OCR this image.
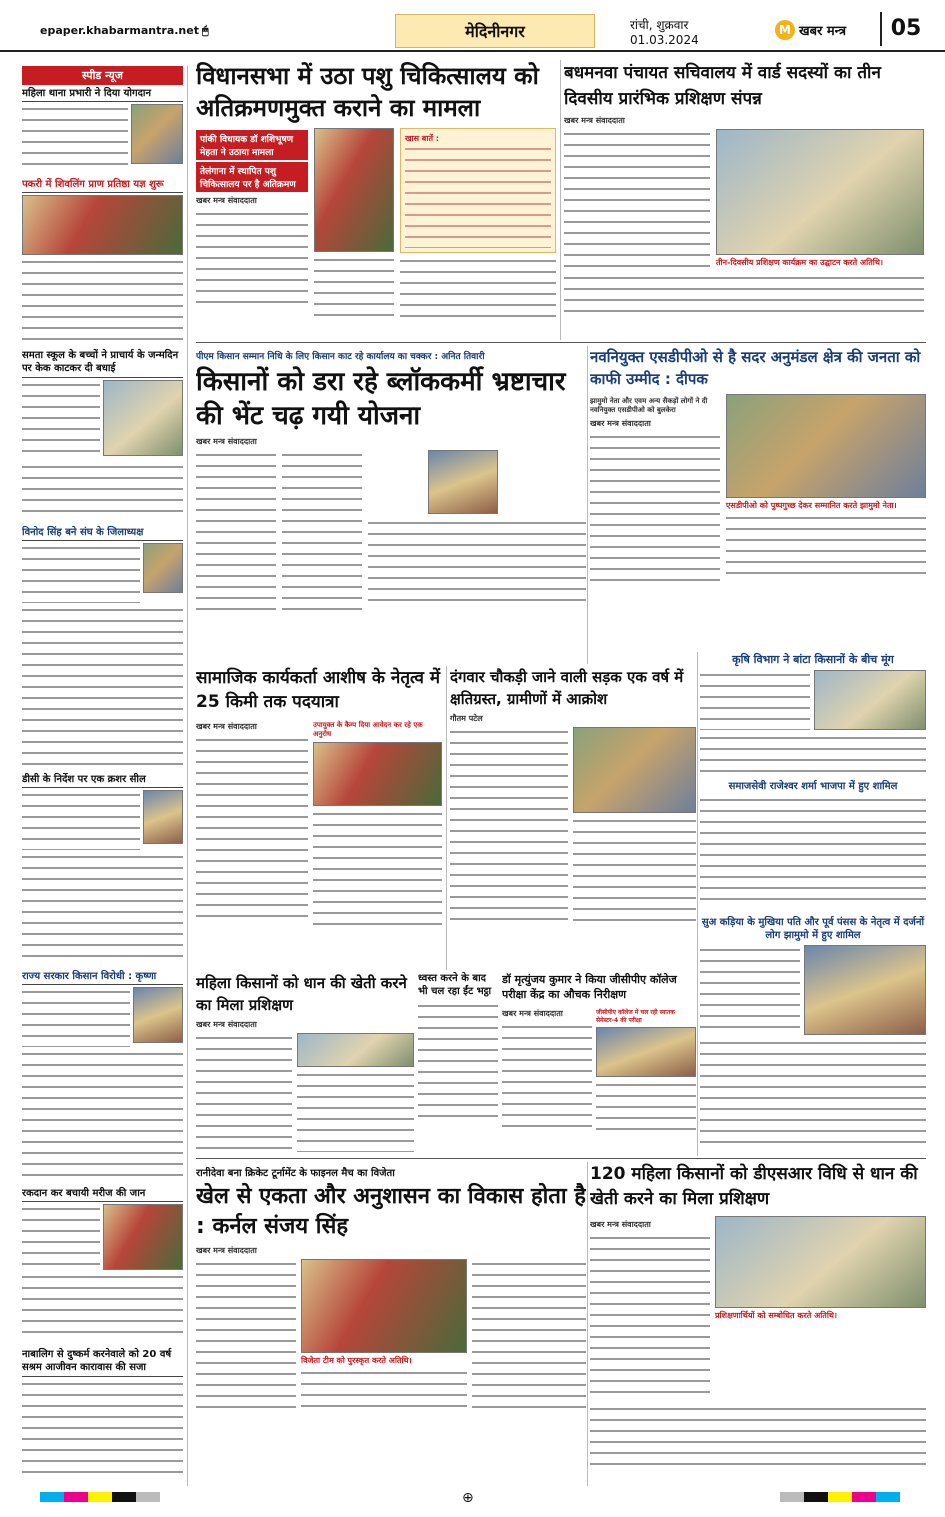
epaper.khabarmantra.net 🖱	मेदिनीनगर	रांची, शुक्रवार
01.03.2024
M खबर मन्त्र	05
स्पीड न्यूज
महिला थाना प्रभारी ने दिया योगदान
पकरी में शिवलिंग प्राण प्रतिष्ठा यज्ञ शुरू
समता स्कूल के बच्चों ने प्राचार्य के जन्मदिन पर केक काटकर दी बधाई
विनोद सिंह बने संघ के जिलाध्यक्ष
डीसी के निर्देश पर एक क्रशर सील
राज्य सरकार किसान विरोधी : कृष्णा
रकदान कर बचायी मरीज की जान
नाबालिग से दुष्कर्म करनेवाले को 20 वर्ष सश्रम आजीवन कारावास की सजा
विधानसभा में उठा पशु चिकित्सालय को अतिक्रमणमुक्त कराने का मामला
पांकी विधायक डॉ शशिभूषण मेहता ने उठाया मामला
तेलंगाना में स्थापित पशु चिकित्सालय पर है अतिक्रमण
खबर मन्त्र संवाददाता
खास बातें :
बधमनवा पंचायत सचिवालय में वार्ड सदस्यों का तीन दिवसीय प्रारंभिक प्रशिक्षण संपन्न
खबर मन्त्र संवाददाता
तीन-दिवसीय प्रशिक्षण कार्यक्रम का उद्घाटन करते अतिथि।
पीएम किसान सम्मान निधि के लिए किसान काट रहे कार्यालय का चक्कर : अनित तिवारी
किसानों को डरा रहे ब्लॉककर्मी भ्रष्टाचार की भेंट चढ़ गयी योजना
खबर मन्त्र संवाददाता
नवनियुक्त एसडीपीओ से है सदर अनुमंडल क्षेत्र की जनता को काफी उम्मीद : दीपक
झामुमो नेता और एवम अन्य सैकड़ों लोगों ने दी नवनियुक्त एसडीपीओ को बुलकेरा
खबर मन्त्र संवाददाता
एसडीपीओ को पुष्पगुच्छ देकर सम्मानित करते झामुमो नेता।
कृषि विभाग ने बांटा किसानों के बीच मूंग
सामाजिक कार्यकर्ता आशीष के नेतृत्व में 25 किमी तक पदयात्रा
खबर मन्त्र संवाददाता	उपायुक्त के कैम्प दिया आवेदन कर रहे एक अनुरोध
दंगवार चौकड़ी जाने वाली सड़क एक वर्ष में क्षतिग्रस्त, ग्रामीणों में आक्रोश
गौतम पटेल
समाजसेवी राजेश्वर शर्मा भाजपा में हुए शामिल
सुअ कड़िया के मुखिया पति और पूर्व पंसस के नेतृत्व में दर्जनों लोग झामुमो में हुए शामिल
महिला किसानों को धान की खेती करने का मिला प्रशिक्षण
खबर मन्त्र संवाददाता
ध्वस्त करने के बाद भी चल रहा ईंट भट्ठा
डॉ मृत्युंजय कुमार ने किया जीसीपीए कॉलेज परीक्षा केंद्र का औचक निरीक्षण
खबर मन्त्र संवाददाता	जीसीपीए कॉलेज में चल रही स्नातक सेमेस्टर-4 की परीक्षा
रानीदेवा बना क्रिकेट टूर्नामेंट के फाइनल मैच का विजेता
खेल से एकता और अनुशासन का विकास होता है : कर्नल संजय सिंह
खबर मन्त्र संवाददाता
विजेता टीम को पुरस्कृत करते अतिथि।
120 महिला किसानों को डीएसआर विधि से धान की खेती करने का मिला प्रशिक्षण
खबर मन्त्र संवाददाता
प्रशिक्षणार्थियों को सम्बोधित करते अतिथि।
⊕
